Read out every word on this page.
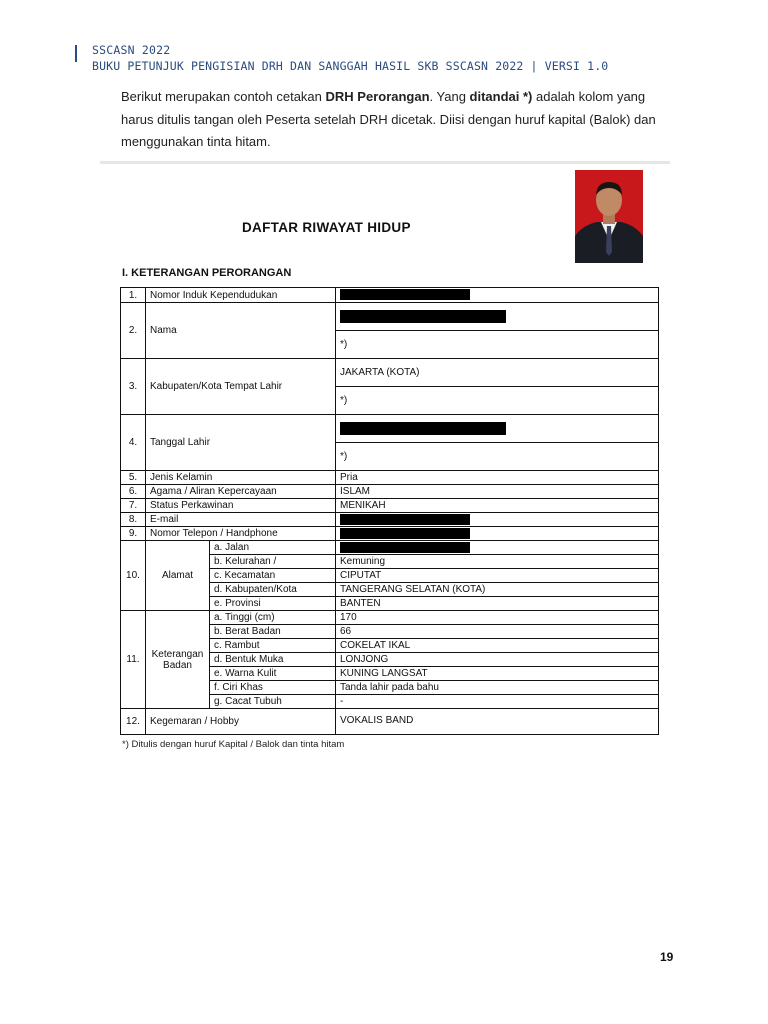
SSCASN 2022
BUKU PETUNJUK PENGISIAN DRH DAN SANGGAH HASIL SKB SSCASN 2022 | VERSI 1.0
Berikut merupakan contoh cetakan DRH Perorangan. Yang ditandai *) adalah kolom yang harus ditulis tangan oleh Peserta setelah DRH dicetak. Diisi dengan huruf kapital (Balok) dan menggunakan tinta hitam.
DAFTAR RIWAYAT HIDUP
I. KETERANGAN PERORANGAN
1.	Nomor Induk Kependudukan		
2.	Nama		
			*)
3.	Kabupaten/Kota Tempat Lahir		JAKARTA (KOTA)
			*)
4.	Tanggal Lahir		
			*)
5.	Jenis Kelamin		Pria
6.	Agama / Aliran Kepercayaan		ISLAM
7.	Status Perkawinan		MENIKAH
8.	E-mail		
9.	Nomor Telepon / Handphone		
10.	Alamat	a. Jalan	
		b. Kelurahan /	Kemuning
		c. Kecamatan	CIPUTAT
		d. Kabupaten/Kota	TANGERANG SELATAN (KOTA)
		e. Provinsi	BANTEN
11.	Keterangan
Badan	a. Tinggi (cm)	170
		b. Berat Badan	66
		c. Rambut	COKELAT IKAL
		d. Bentuk Muka	LONJONG
		e. Warna Kulit	KUNING LANGSAT
		f. Ciri Khas	Tanda lahir pada bahu
		g. Cacat Tubuh	-
12.	Kegemaran / Hobby		VOKALIS BAND
*) Ditulis dengan huruf Kapital / Balok dan tinta hitam
19
